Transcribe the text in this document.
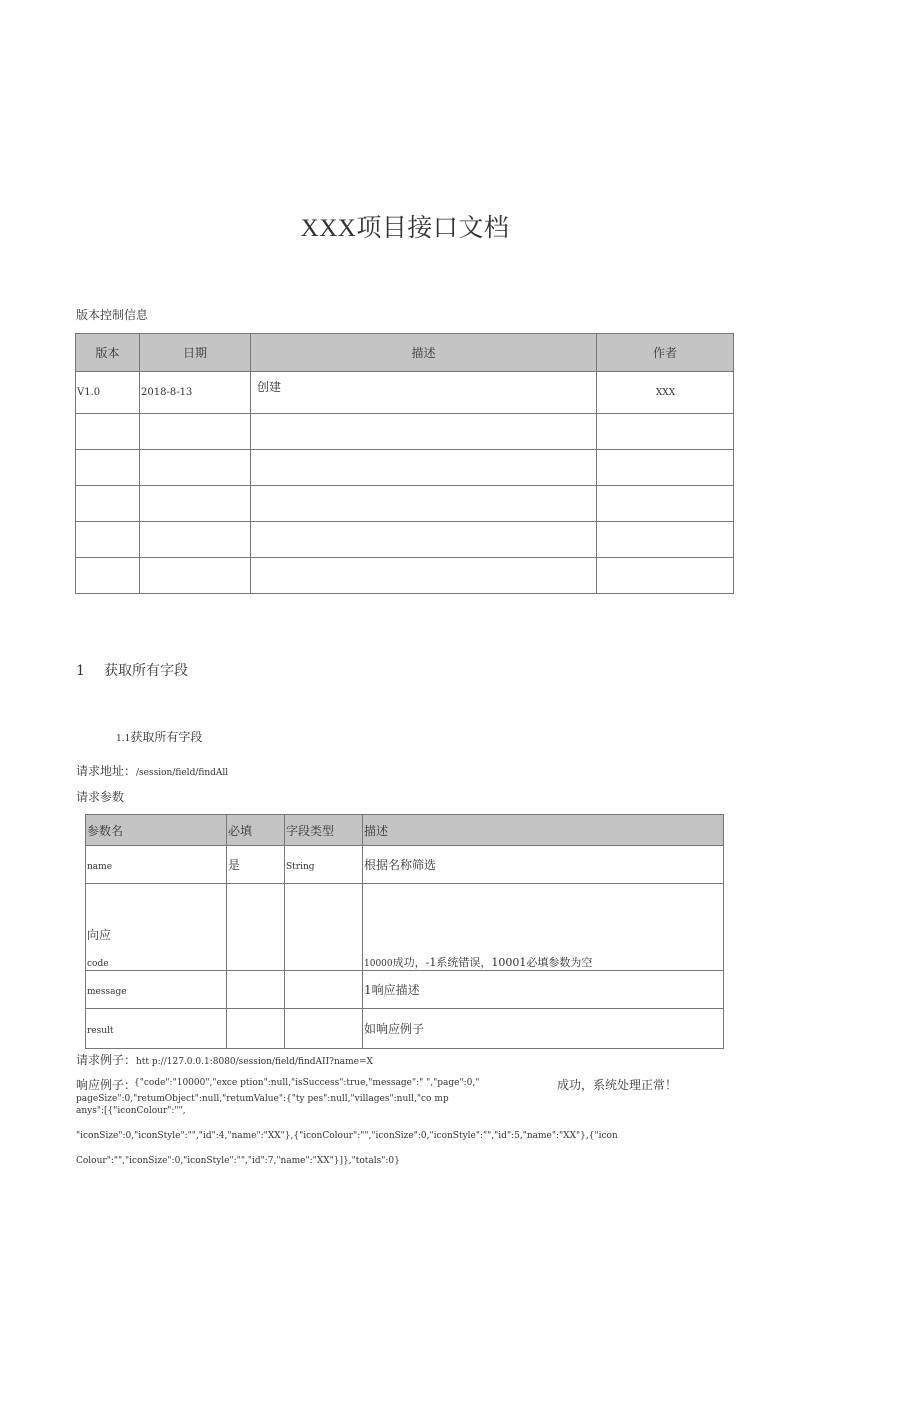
XXX项目接口文档
版本控制信息
版本	日期	描述	作者
V1.0	2018-8-13	创建	XXX

1 获取所有字段
1.1获取所有字段
请求地址：/session/field/findAll
请求参数
参数名	必填	字段类型	描述
name	是	String	根据名称筛选

向应
code			10000成功，-1系统错误，10001必填参数为空
message			1响应描述
result			如响应例子
请求例子：htt p://127.0.0.1:8080/session/field/findAII?name=X
响应例子：
{"code":"10000","exce ption":null,"isSuccess":true,"message":" ","page":0,"	成功，系统处理正常！
pageSize":0,"retumObject":null,"retumValue":{"ty pes":null,"villages":null,"co mp
anys":[{"iconColour":"",
"iconSize":0,"iconStyle":"","id":4,"name":"XX"},{"iconColour":"","iconSize":0,"iconStyle":"","id":5,"name":"XX"},{"icon
Colour":"","iconSize":0,"iconStyle":"","id":7,"name":"XX"}]},"totals":0}
